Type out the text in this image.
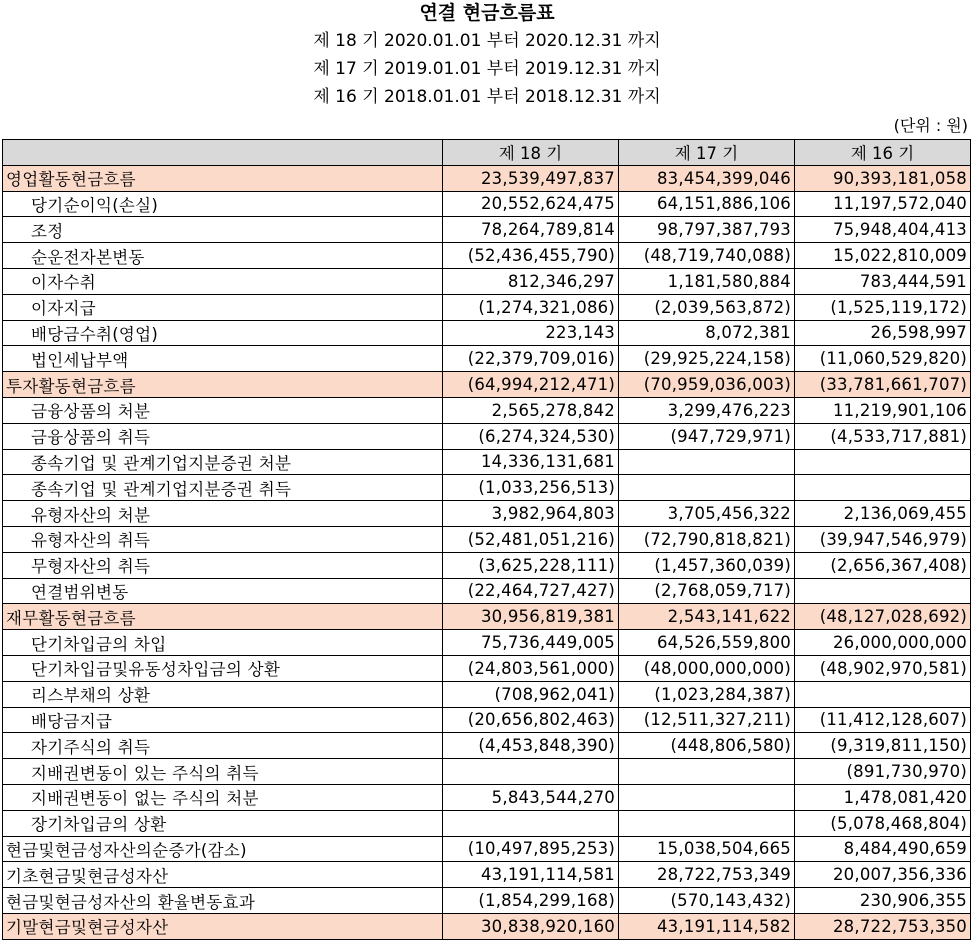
연결 현금흐름표
제 18 기 2020.01.01 부터 2020.12.31 까지
제 17 기 2019.01.01 부터 2019.12.31 까지
제 16 기 2018.01.01 부터 2018.12.31 까지
(단위 : 원)
	제 18 기	제 17 기	제 16 기
영업활동현금흐름	23,539,497,837	83,454,399,046	90,393,181,058
당기순이익(손실)	20,552,624,475	64,151,886,106	11,197,572,040
조정	78,264,789,814	98,797,387,793	75,948,404,413
순운전자본변동	(52,436,455,790)	(48,719,740,088)	15,022,810,009
이자수취	812,346,297	1,181,580,884	783,444,591
이자지급	(1,274,321,086)	(2,039,563,872)	(1,525,119,172)
배당금수취(영업)	223,143	8,072,381	26,598,997
법인세납부액	(22,379,709,016)	(29,925,224,158)	(11,060,529,820)
투자활동현금흐름	(64,994,212,471)	(70,959,036,003)	(33,781,661,707)
금융상품의 처분	2,565,278,842	3,299,476,223	11,219,901,106
금융상품의 취득	(6,274,324,530)	(947,729,971)	(4,533,717,881)
종속기업 및 관계기업지분증권 처분	14,336,131,681		
종속기업 및 관계기업지분증권 취득	(1,033,256,513)		
유형자산의 처분	3,982,964,803	3,705,456,322	2,136,069,455
유형자산의 취득	(52,481,051,216)	(72,790,818,821)	(39,947,546,979)
무형자산의 취득	(3,625,228,111)	(1,457,360,039)	(2,656,367,408)
연결범위변동	(22,464,727,427)	(2,768,059,717)	
재무활동현금흐름	30,956,819,381	2,543,141,622	(48,127,028,692)
단기차입금의 차입	75,736,449,005	64,526,559,800	26,000,000,000
단기차입금및유동성차입금의 상환	(24,803,561,000)	(48,000,000,000)	(48,902,970,581)
리스부채의 상환	(708,962,041)	(1,023,284,387)	
배당금지급	(20,656,802,463)	(12,511,327,211)	(11,412,128,607)
자기주식의 취득	(4,453,848,390)	(448,806,580)	(9,319,811,150)
지배권변동이 있는 주식의 취득			(891,730,970)
지배권변동이 없는 주식의 처분	5,843,544,270		1,478,081,420
장기차입금의 상환			(5,078,468,804)
현금및현금성자산의순증가(감소)	(10,497,895,253)	15,038,504,665	8,484,490,659
기초현금및현금성자산	43,191,114,581	28,722,753,349	20,007,356,336
현금및현금성자산의 환율변동효과	(1,854,299,168)	(570,143,432)	230,906,355
기말현금및현금성자산	30,838,920,160	43,191,114,582	28,722,753,350
